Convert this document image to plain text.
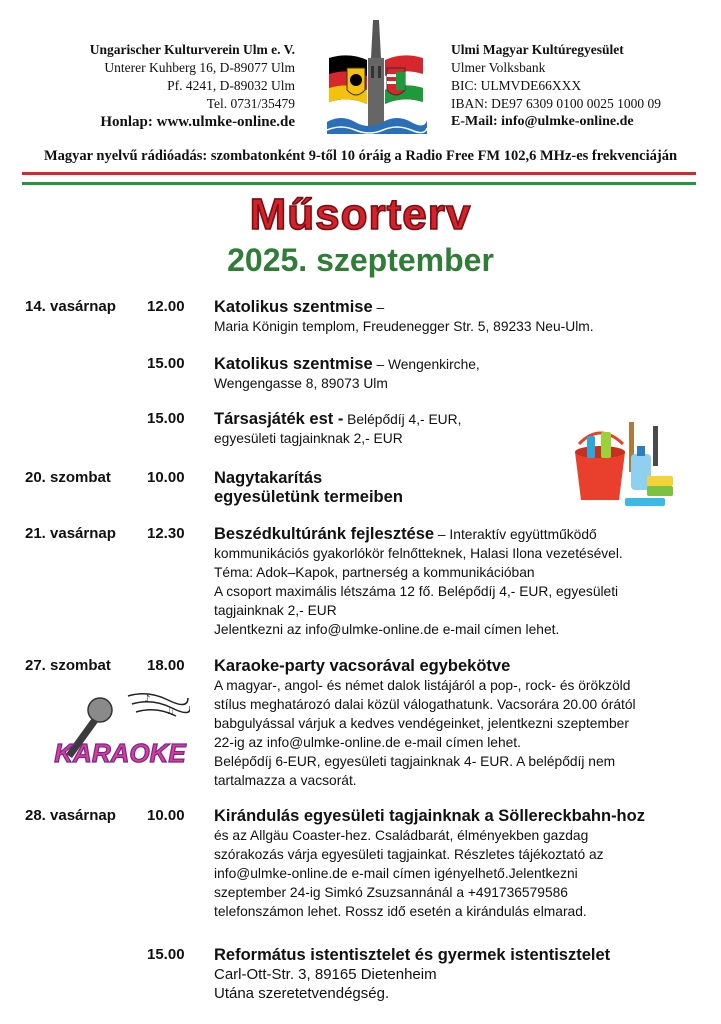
Ungarischer Kulturverein Ulm e. V.
Unterer Kuhberg 16, D-89077 Ulm
Pf. 4241, D-89032 Ulm
Tel. 0731/35479
Honlap: www.ulmke-online.de
Ulmi Magyar Kultúregyesület
Ulmer Volksbank
BIC: ULMVDE66XXX
IBAN: DE97 6309 0100 0025 1000 09
E-Mail: info@ulmke-online.de
Magyar nyelvű rádióadás: szombatonként 9-től 10 óráig a Radio Free FM 102,6 MHz-es frekvenciáján
Műsorterv
2025. szeptember
14. vasárnap 12.00 Katolikus szentmise –
Maria Königin templom, Freudenegger Str. 5, 89233 Neu-Ulm.
15.00 Katolikus szentmise – Wengenkirche,
Wengengasse 8, 89073 Ulm
15.00 Társasjáték est - Belépődíj 4,- EUR,
egyesületi tagjainknak 2,- EUR
20. szombat 10.00 Nagytakarítás
egyesületünk termeiben
21. vasárnap 12.30 Beszédkultúránk fejlesztése – Interaktív együttműködő
kommunikációs gyakorlókör felnőtteknek, Halasi Ilona vezetésével.
Téma: Adok–Kapok, partnerség a kommunikációban
A csoport maximális létszáma 12 fő. Belépődíj 4,- EUR, egyesületi
tagjainknak 2,- EUR
Jelentkezni az info@ulmke-online.de e-mail címen lehet.
27. szombat 18.00 Karaoke-party vacsorával egybekötve
A magyar-, angol- és német dalok listájáról a pop-, rock- és örökzöld
stílus meghatározó dalai közül válogathatunk. Vacsorára 20.00 órától
babgulyással várjuk a kedves vendégeinket, jelentkezni szeptember
22-ig az info@ulmke-online.de e-mail címen lehet.
Belépődíj 6-EUR, egyesületi tagjainknak 4- EUR. A belépődíj nem
tartalmazza a vacsorát.
♪
♫
KARAOKE
28. vasárnap 10.00 Kirándulás egyesületi tagjainknak a Söllereckbahn-hoz
és az Allgäu Coaster-hez. Családbarát, élményekben gazdag
szórakozás várja egyesületi tagjainkat. Részletes tájékoztató az
info@ulmke-online.de e-mail címen igényelhető.Jelentkezni
szeptember 24-ig Simkó Zsuzsannánál a +491736579586
telefonszámon lehet. Rossz idő esetén a kirándulás elmarad.
15.00 Református istentisztelet és gyermek istentisztelet
Carl-Ott-Str. 3, 89165 Dietenheim
Utána szeretetvendégség.
